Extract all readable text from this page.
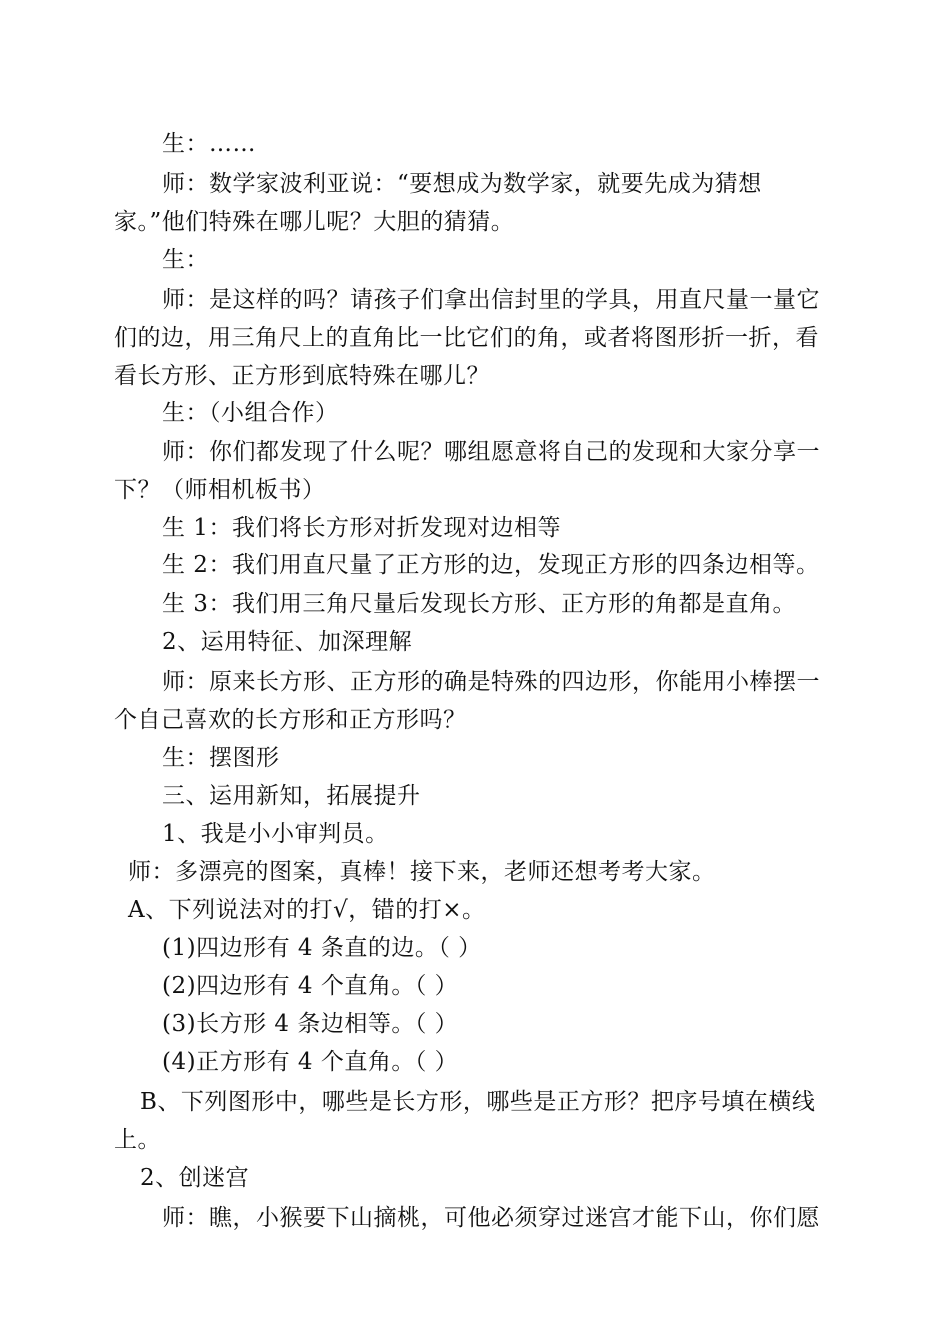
生：……
师：数学家波利亚说：“要想成为数学家，就要先成为猜想
家。”他们特殊在哪儿呢？大胆的猜猜。
生：
师：是这样的吗？请孩子们拿出信封里的学具，用直尺量一量它
们的边，用三角尺上的直角比一比它们的角，或者将图形折一折，看
看长方形、正方形到底特殊在哪儿？
生：（小组合作）
师：你们都发现了什么呢？哪组愿意将自己的发现和大家分享一
下？（师相机板书）
生 1：我们将长方形对折发现对边相等
生 2：我们用直尺量了正方形的边，发现正方形的四条边相等。
生 3：我们用三角尺量后发现长方形、正方形的角都是直角。
2、运用特征、加深理解
师：原来长方形、正方形的确是特殊的四边形，你能用小棒摆一
个自己喜欢的长方形和正方形吗？
生：摆图形
三、运用新知，拓展提升
1、我是小小审判员。
师：多漂亮的图案，真棒！接下来，老师还想考考大家。
A、下列说法对的打√，错的打×。
(1)四边形有 4 条直的边。（ ）
(2)四边形有 4 个直角。（ ）
(3)长方形 4 条边相等。（ ）
(4)正方形有 4 个直角。（ ）
B、下列图形中，哪些是长方形，哪些是正方形？把序号填在横线
上。
2、创迷宫
师：瞧，小猴要下山摘桃，可他必须穿过迷宫才能下山，你们愿
